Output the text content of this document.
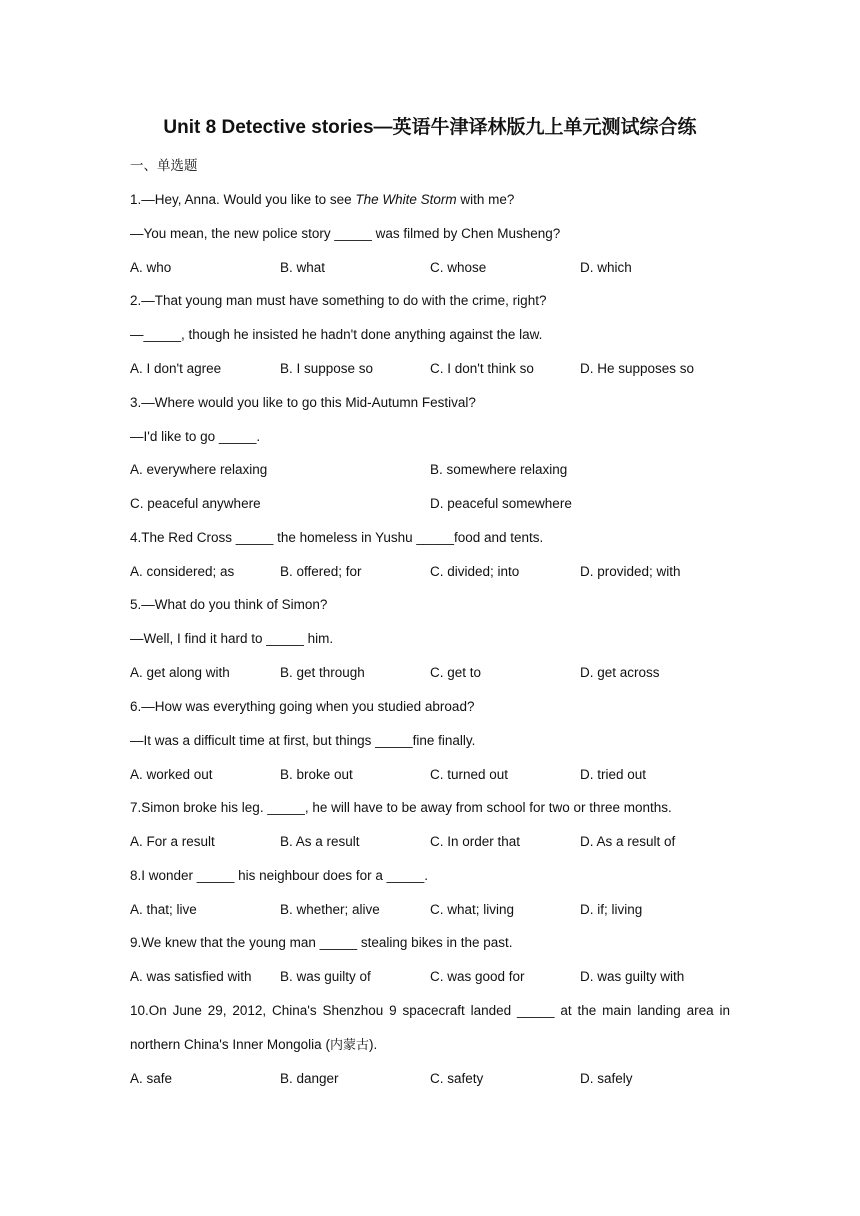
Unit 8 Detective stories—英语牛津译林版九上单元测试综合练
一、单选题
1.—Hey, Anna. Would you like to see The White Storm with me?
—You mean, the new police story _____ was filmed by Chen Musheng?
A. who	B. what	C. whose	D. which
2.—That young man must have something to do with the crime, right?
—_____, though he insisted he hadn't done anything against the law.
A. I don't agree	B. I suppose so	C. I don't think so	D. He supposes so
3.—Where would you like to go this Mid-Autumn Festival?
—I'd like to go _____.
A. everywhere relaxing	B. somewhere relaxing
C. peaceful anywhere	D. peaceful somewhere
4.The Red Cross _____ the homeless in Yushu _____food and tents.
A. considered; as	B. offered; for	C. divided; into	D. provided; with
5.—What do you think of Simon?
—Well, I find it hard to _____ him.
A. get along with	B. get through	C. get to	D. get across
6.—How was everything going when you studied abroad?
—It was a difficult time at first, but things _____fine finally.
A. worked out	B. broke out	C. turned out	D. tried out
7.Simon broke his leg. _____, he will have to be away from school for two or three months.
A. For a result	B. As a result	C. In order that	D. As a result of
8.I wonder _____ his neighbour does for a _____.
A. that; live	B. whether; alive	C. what; living	D. if; living
9.We knew that the young man _____ stealing bikes in the past.
A. was satisfied with B. was guilty of	C. was good for	D. was guilty with
10.On June 29, 2012, China's Shenzhou 9 spacecraft landed _____ at the main landing area in
northern China's Inner Mongolia (内蒙古).
A. safe	B. danger	C. safety	D. safely
